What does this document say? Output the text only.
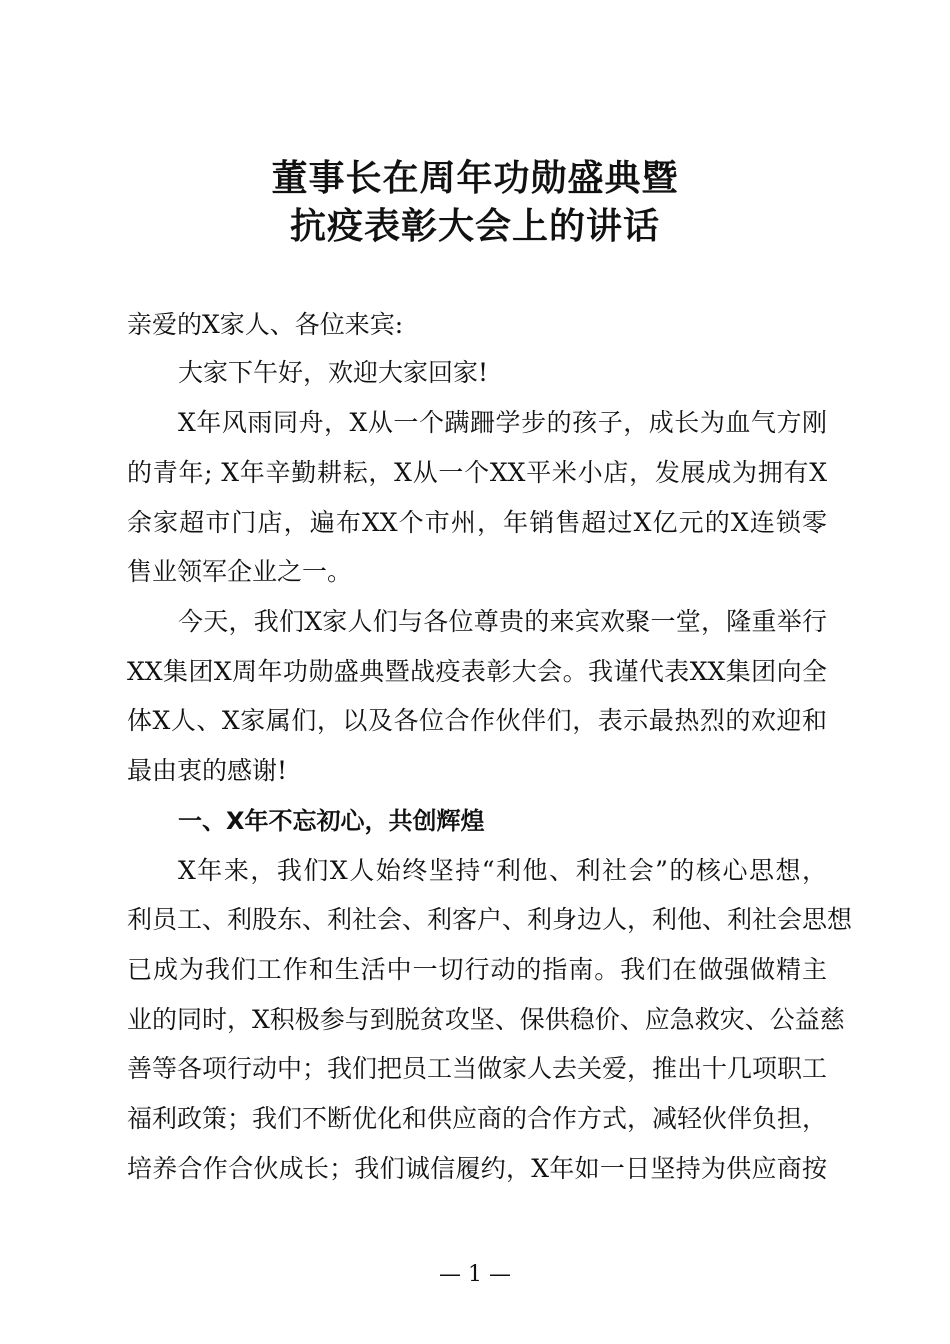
董事长在周年功勋盛典暨
抗疫表彰大会上的讲话
亲爱的X家人、各位来宾:
大家下午好，欢迎大家回家!
X年风雨同舟，X从一个蹒跚学步的孩子，成长为血气方刚
的青年; X年辛勤耕耘，X从一个XX平米小店，发展成为拥有X
余家超市门店，遍布XX个市州，年销售超过X亿元的X连锁零
售业领军企业之一。
今天，我们X家人们与各位尊贵的来宾欢聚一堂，隆重举行
XX集团X周年功勋盛典暨战疫表彰大会。我谨代表XX集团向全
体X人、X家属们，以及各位合作伙伴们，表示最热烈的欢迎和
最由衷的感谢!
一、X年不忘初心，共创辉煌
X年来，我们X人始终坚持“利他、利社会”的核心思想，
利员工、利股东、利社会、利客户、利身边人，利他、利社会思想
已成为我们工作和生活中一切行动的指南。我们在做强做精主
业的同时，X积极参与到脱贫攻坚、保供稳价、应急救灾、公益慈
善等各项行动中；我们把员工当做家人去关爱，推出十几项职工
福利政策；我们不断优化和供应商的合作方式，减轻伙伴负担，
培养合作合伙成长；我们诚信履约，X年如一日坚持为供应商按
— 1 —
